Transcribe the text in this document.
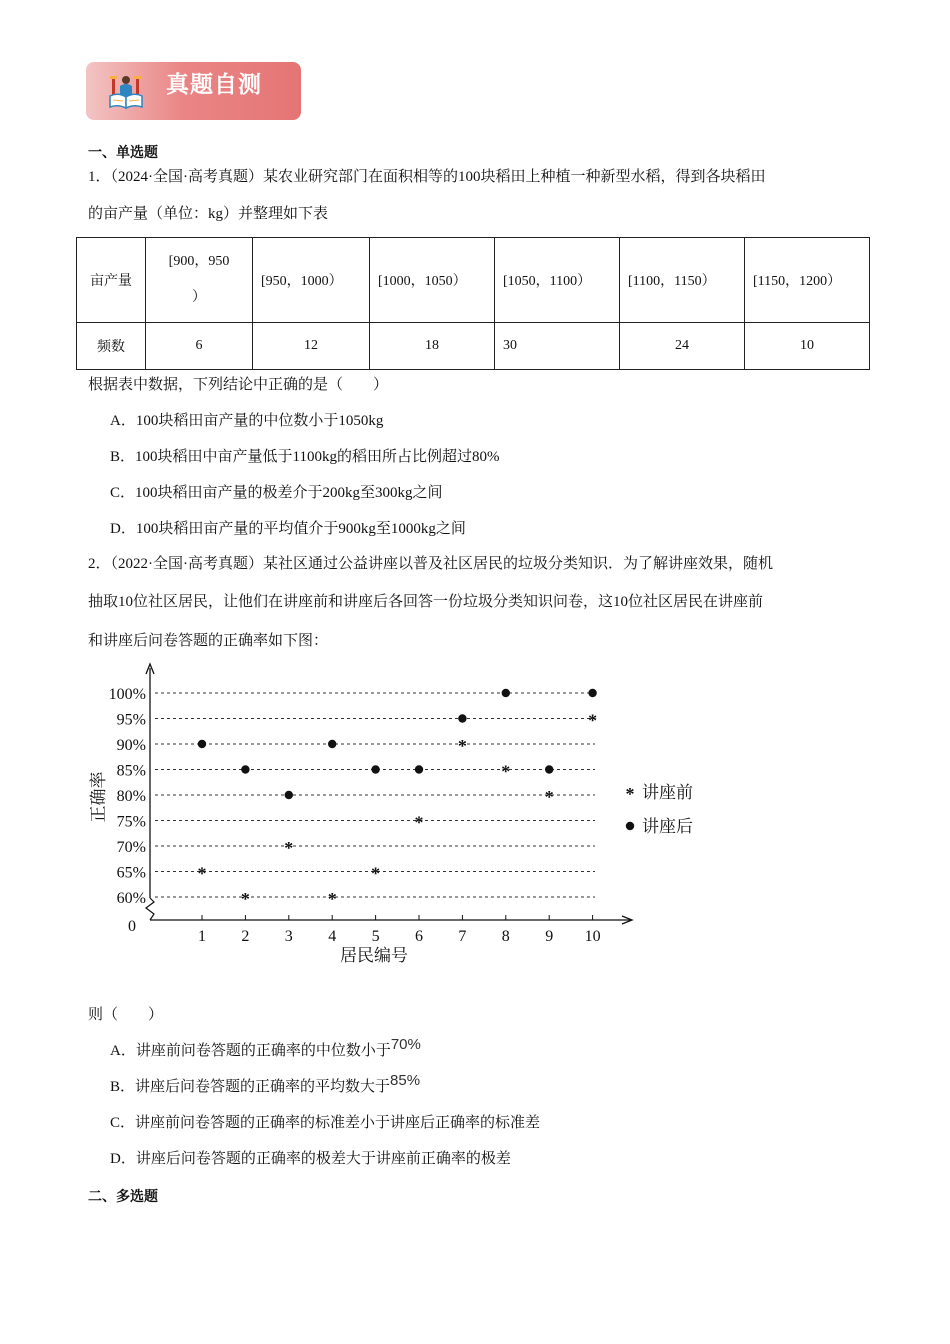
真题自测
一、单选题
1．（2024·全国·高考真题）某农业研究部门在面积相等的100块稻田上种植一种新型水稻，得到各块稻田
的亩产量（单位：kg）并整理如下表
亩产量	[900，950
）	[950，1000）	[1000，1050）	[1050，1100）	[1100，1150）	[1150，1200）
频数	6	12	18	30	24	10
根据表中数据，下列结论中正确的是（　　）
A．100块稻田亩产量的中位数小于1050kg
B．100块稻田中亩产量低于1100kg的稻田所占比例超过80%
C．100块稻田亩产量的极差介于200kg至300kg之间
D．100块稻田亩产量的平均值介于900kg至1000kg之间
2．（2022·全国·高考真题）某社区通过公益讲座以普及社区居民的垃圾分类知识．为了解讲座效果，随机
抽取10位社区居民，让他们在讲座前和讲座后各回答一份垃圾分类知识问卷，这10位社区居民在讲座前
和讲座后问卷答题的正确率如下图：
60%
65%
70%
75%
80%
85%
90%
95%
100%
0
1 2 3 4 5 6 7 8 9 10
居民编号
正确率
*
*
*
*
*
*
*
*
*
*
* 讲座前
讲座后
则（　　）
A．讲座前问卷答题的正确率的中位数小于70%
B．讲座后问卷答题的正确率的平均数大于85%
C．讲座前问卷答题的正确率的标准差小于讲座后正确率的标准差
D．讲座后问卷答题的正确率的极差大于讲座前正确率的极差
二、多选题
